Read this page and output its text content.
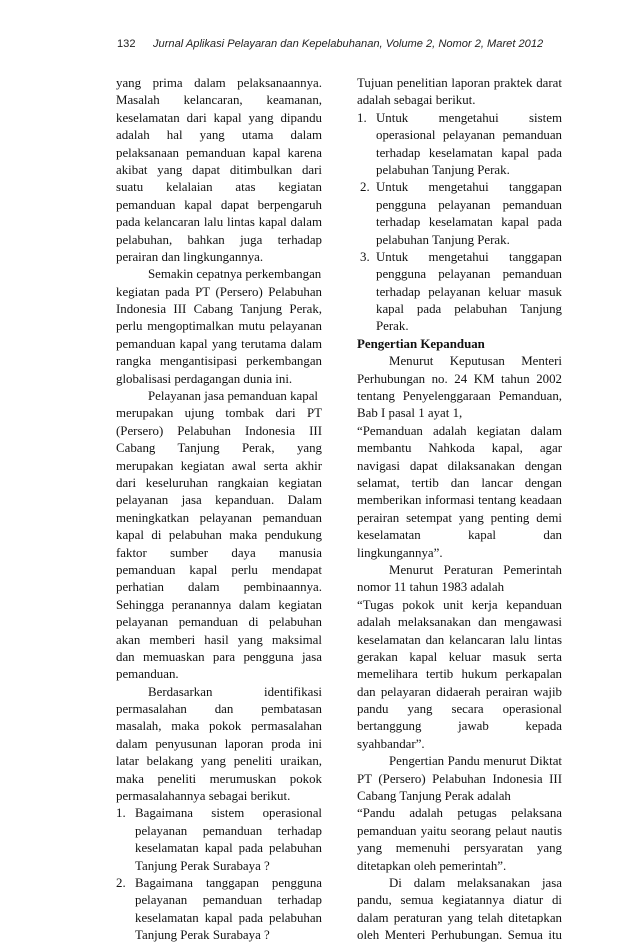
132 Jurnal Aplikasi Pelayaran dan Kepelabuhanan, Volume 2, Nomor 2, Maret 2012
yang prima dalam pelaksanaannya.
Masalah kelancaran, keamanan,
keselamatan dari kapal yang dipandu
adalah hal yang utama dalam
pelaksanaan pemanduan kapal karena
akibat yang dapat ditimbulkan dari
suatu kelalaian atas kegiatan
pemanduan kapal dapat berpengaruh
pada kelancaran lalu lintas kapal dalam
pelabuhan, bahkan juga terhadap
perairan dan lingkungannya.
Semakin cepatnya perkembangan
kegiatan pada PT (Persero) Pelabuhan
Indonesia III Cabang Tanjung Perak,
perlu mengoptimalkan mutu pelayanan
pemanduan kapal yang terutama dalam
rangka mengantisipasi perkembangan
globalisasi perdagangan dunia ini.
Pelayanan jasa pemanduan kapal
merupakan ujung tombak dari PT
(Persero) Pelabuhan Indonesia III
Cabang Tanjung Perak, yang
merupakan kegiatan awal serta akhir
dari keseluruhan rangkaian kegiatan
pelayanan jasa kepanduan. Dalam
meningkatkan pelayanan pemanduan
kapal di pelabuhan maka pendukung
faktor sumber daya manusia
pemanduan kapal perlu mendapat
perhatian dalam pembinaannya.
Sehingga peranannya dalam kegiatan
pelayanan pemanduan di pelabuhan
akan memberi hasil yang maksimal
dan memuaskan para pengguna jasa
pemanduan.
Berdasarkan identifikasi
permasalahan dan pembatasan
masalah, maka pokok permasalahan
dalam penyusunan laporan proda ini
latar belakang yang peneliti uraikan,
maka peneliti merumuskan pokok
permasalahannya sebagai berikut.
1. Bagaimana sistem operasional
pelayanan pemanduan terhadap
keselamatan kapal pada pelabuhan
Tanjung Perak Surabaya ?
2. Bagaimana tanggapan pengguna
pelayanan pemanduan terhadap
keselamatan kapal pada pelabuhan
Tanjung Perak Surabaya ?
Tujuan penelitian laporan praktek darat
adalah sebagai berikut.
1. Untuk mengetahui sistem
operasional pelayanan pemanduan
terhadap keselamatan kapal pada
pelabuhan Tanjung Perak.
2. Untuk mengetahui tanggapan
pengguna pelayanan pemanduan
terhadap keselamatan kapal pada
pelabuhan Tanjung Perak.
3. Untuk mengetahui tanggapan
pengguna pelayanan pemanduan
terhadap pelayanan keluar masuk
kapal pada pelabuhan Tanjung
Perak.
Pengertian Kepanduan
Menurut Keputusan Menteri
Perhubungan no. 24 KM tahun 2002
tentang Penyelenggaraan Pemanduan,
Bab I pasal 1 ayat 1,
“Pemanduan adalah kegiatan dalam
membantu Nahkoda kapal, agar
navigasi dapat dilaksanakan dengan
selamat, tertib dan lancar dengan
memberikan informasi tentang keadaan
perairan setempat yang penting demi
keselamatan kapal dan
lingkungannya”.
Menurut Peraturan Pemerintah
nomor 11 tahun 1983 adalah
“Tugas pokok unit kerja kepanduan
adalah melaksanakan dan mengawasi
keselamatan dan kelancaran lalu lintas
gerakan kapal keluar masuk serta
memelihara tertib hukum perkapalan
dan pelayaran didaerah perairan wajib
pandu yang secara operasional
bertanggung jawab kepada
syahbandar”.
Pengertian Pandu menurut Diktat
PT (Persero) Pelabuhan Indonesia III
Cabang Tanjung Perak adalah
“Pandu adalah petugas pelaksana
pemanduan yaitu seorang pelaut nautis
yang memenuhi persyaratan yang
ditetapkan oleh pemerintah”.
Di dalam melaksanakan jasa
pandu, semua kegiatannya diatur di
dalam peraturan yang telah ditetapkan
oleh Menteri Perhubungan. Semua itu
